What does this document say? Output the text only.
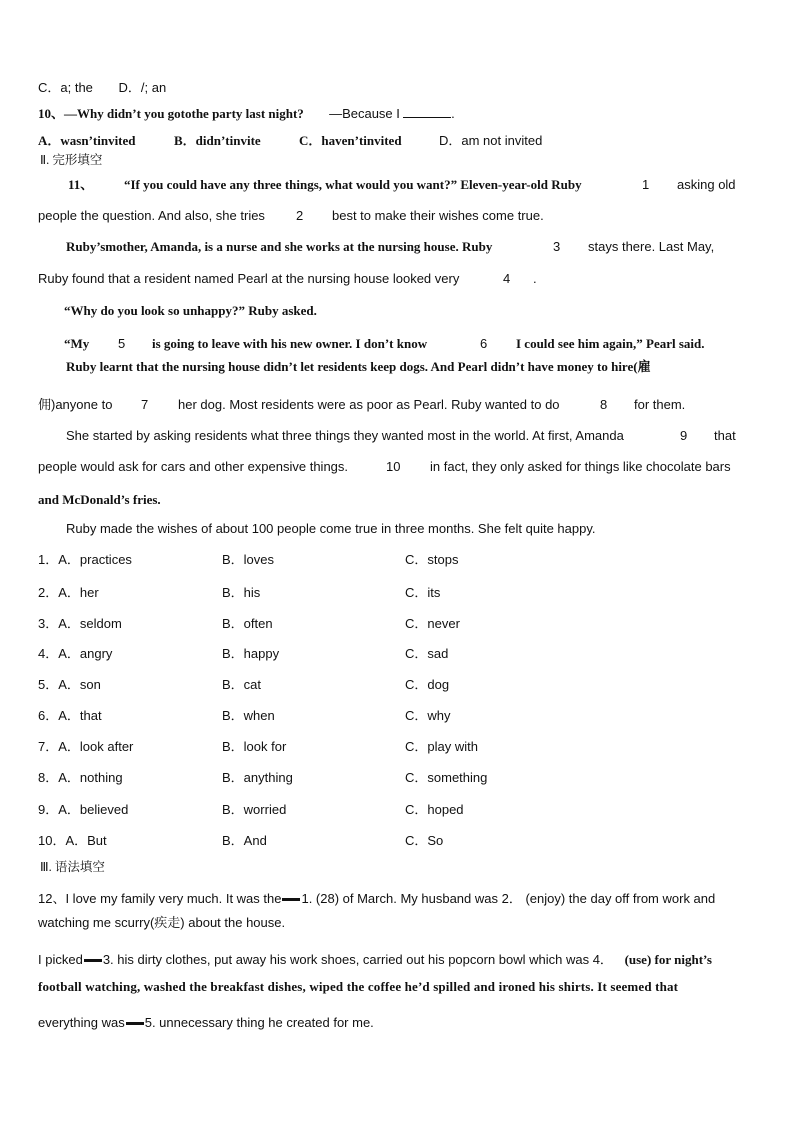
C．a; the D．/; an
10、—Why didn’t you gotothe party last night? —Because I	.
A．wasn’tinvited	B．didn’tinvite	C．haven’tinvited	D．am not invited
Ⅱ. 完形填空
11、 “If you could have any three things, what would you want?” Eleven-year-old Ruby	1 asking old
people the question. And also, she tries 2 best to make their wishes come true.
Ruby’smother, Amanda, is a nurse and she works at the nursing house. Ruby	3 stays there. Last May,
Ruby found that a resident named Pearl at the nursing house looked very	4 .
“Why do you look so unhappy?” Ruby asked.
“My 5 is going to leave with his new owner. I don’t know	6 I could see him again,” Pearl said.
Ruby learnt that the nursing house didn’t let residents keep dogs. And Pearl didn’t have money to hire(雇
佣)anyone to 7 her dog. Most residents were as poor as Pearl. Ruby wanted to do	8 for them.
She started by asking residents what three things they wanted most in the world. At first, Amanda	9 that
people would ask for cars and other expensive things.	10 in fact, they only asked for things like chocolate bars
and McDonald’s fries.
Ruby made the wishes of about 100 people come true in three months. She felt quite happy.
1．A．practices	B．loves	C．stops
2．A．her	B．his	C．its
3．A．seldom	B．often	C．never
4．A．angry	B．happy	C．sad
5．A．son	B．cat	C．dog
6．A．that	B．when	C．why
7．A．look after	B．look for	C．play with
8．A．nothing	B．anything	C．something
9．A．believed	B．worried	C．hoped
10．A．But	B．And	C．So
Ⅲ. 语法填空
12、I love my family very much. It was the 1. (28) of March. My husband was 2． (enjoy) the day off from work and
watching me scurry(疾走) about the house.
I picked 3. his dirty clothes, put away his work shoes, carried out his popcorn bowl which was 4． (use) for night’s
football watching, washed the breakfast dishes, wiped the coffee he’d spilled and ironed his shirts. It seemed that
everything was 5. unnecessary thing he created for me.
